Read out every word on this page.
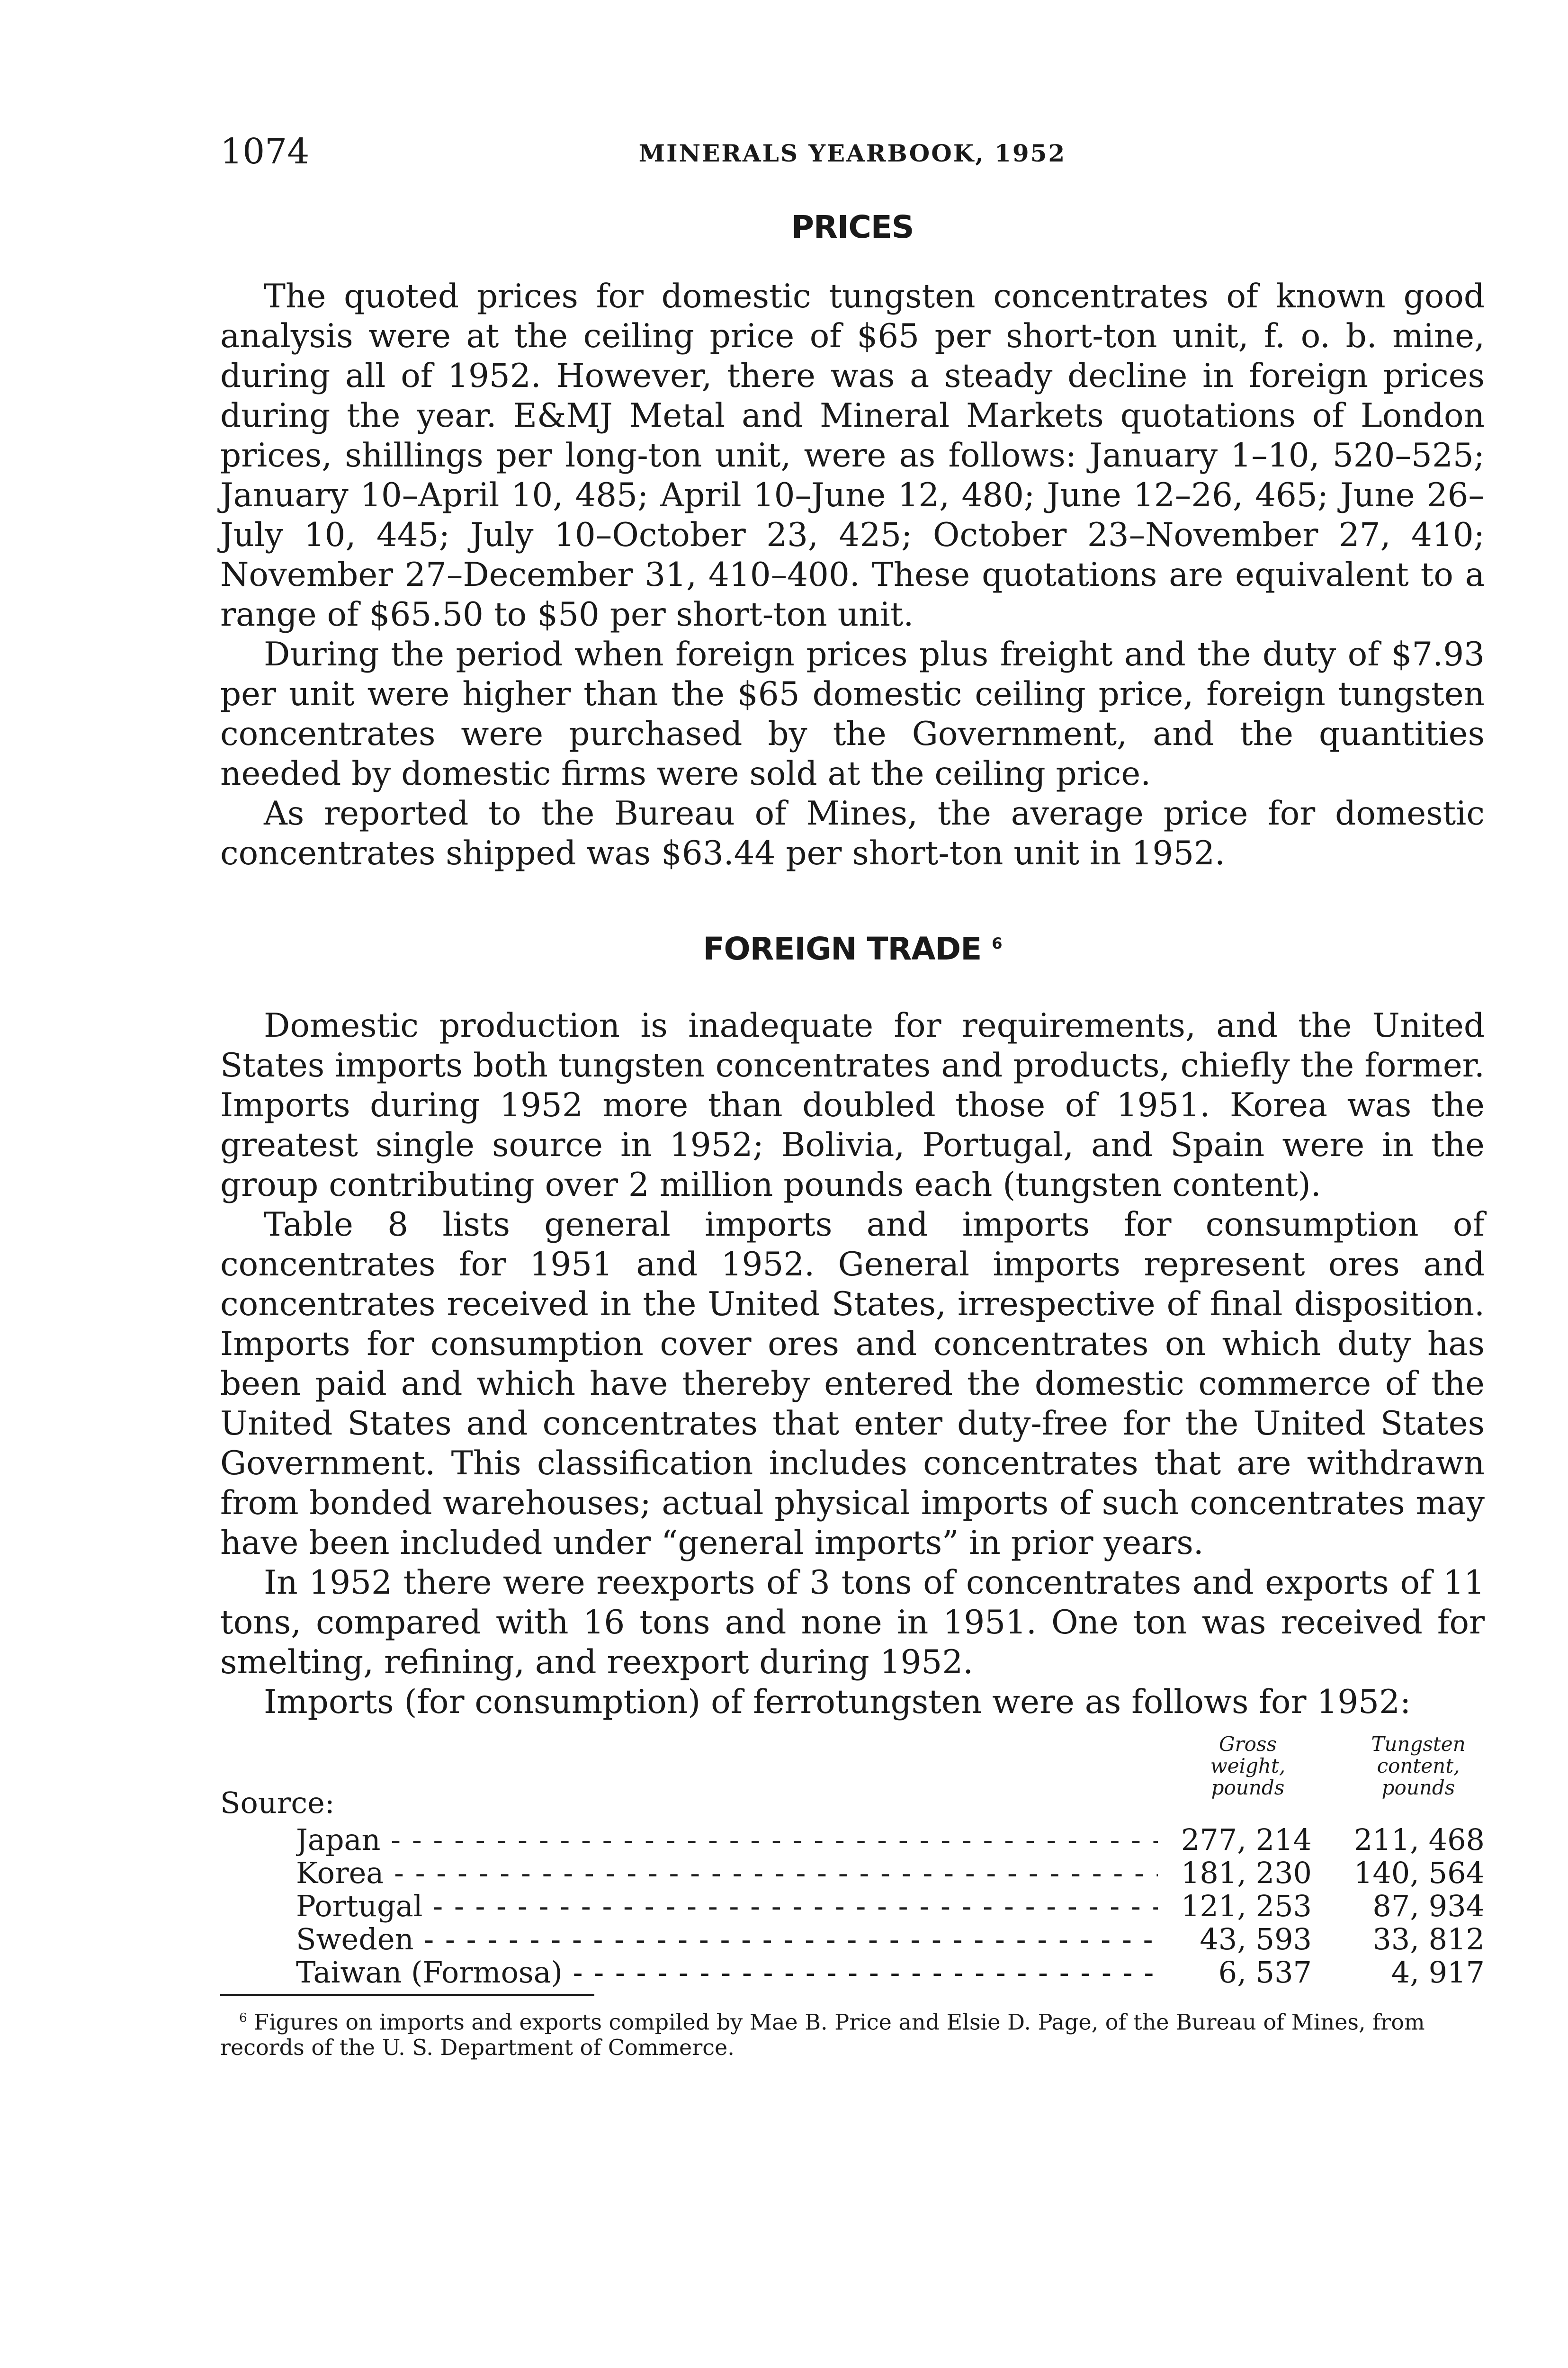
1074	MINERALS YEARBOOK, 1952
PRICES

The quoted prices for domestic tungsten concentrates of known good analysis were at the ceiling price of $65 per short-ton unit, f. o. b. mine, during all of 1952. However, there was a steady decline in foreign prices during the year. E&MJ Metal and Mineral Markets quotations of London prices, shillings per long-ton unit, were as follows: January 1–10, 520–525; January 10–April 10, 485; April 10–June 12, 480; June 12–26, 465; June 26–July 10, 445; July 10–October 23, 425; October 23–November 27, 410; November 27–December 31, 410–400. These quotations are equivalent to a range of $65.50 to $50 per short-ton unit.

During the period when foreign prices plus freight and the duty of $7.93 per unit were higher than the $65 domestic ceiling price, foreign tungsten concentrates were purchased by the Government, and the quantities needed by domestic firms were sold at the ceiling price.

As reported to the Bureau of Mines, the average price for domestic concentrates shipped was $63.44 per short-ton unit in 1952.

FOREIGN TRADE $^6$

Domestic production is inadequate for requirements, and the United States imports both tungsten concentrates and products, chiefly the former. Imports during 1952 more than doubled those of 1951. Korea was the greatest single source in 1952; Bolivia, Portugal, and Spain were in the group contributing over 2 million pounds each (tungsten content).

Table 8 lists general imports and imports for consumption of concentrates for 1951 and 1952. General imports represent ores and concentrates received in the United States, irrespective of final disposition. Imports for consumption cover ores and concentrates on which duty has been paid and which have thereby entered the domestic commerce of the United States and concentrates that enter duty-free for the United States Government. This classification includes concentrates that are withdrawn from bonded warehouses; actual physical imports of such concentrates may have been included under “general imports” in prior years.

In 1952 there were reexports of 3 tons of concentrates and exports of 11 tons, compared with 16 tons and none in 1951. One ton was received for smelting, refining, and reexport during 1952.

Imports (for consumption) of ferrotungsten were as follows for 1952:

Source:
Gross weight, pounds
Tungsten content, pounds
Japan - - -	277, 214	211, 468
Korea - - -	181, 230	140, 564
Portugal - - -	121, 253	87, 934
Sweden - - -	43, 593	33, 812
Taiwan (Formosa) - - -	6, 537	4, 917

$^6$ Figures on imports and exports compiled by Mae B. Price and Elsie D. Page, of the Bureau of Mines, from records of the U. S. Department of Commerce.
